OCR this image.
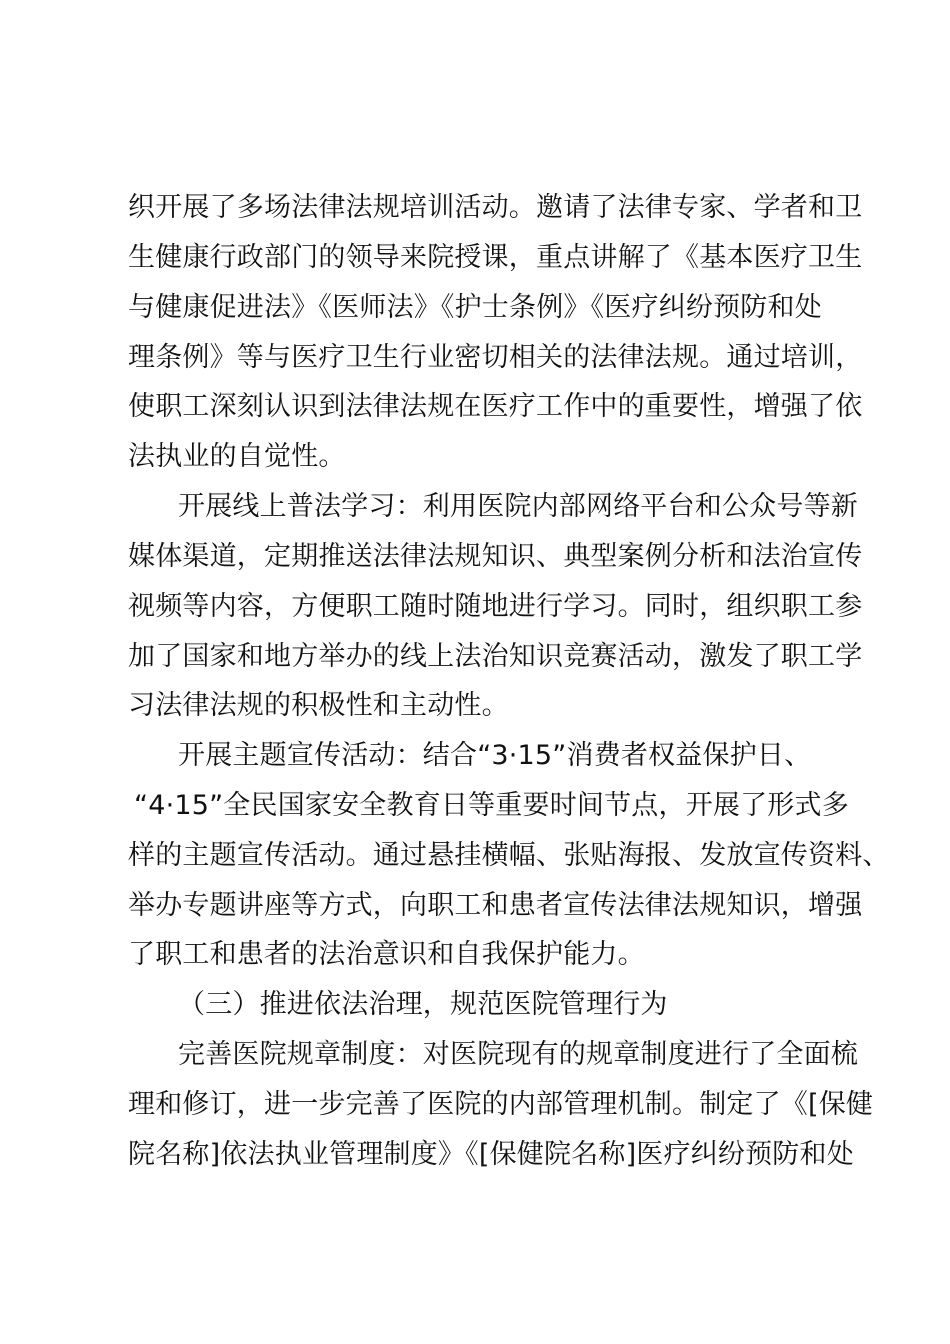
织开展了多场法律法规培训活动。邀请了法律专家、学者和卫
生健康行政部门的领导来院授课，重点讲解了《基本医疗卫生
与健康促进法》《医师法》《护士条例》《医疗纠纷预防和处
理条例》等与医疗卫生行业密切相关的法律法规。通过培训，
使职工深刻认识到法律法规在医疗工作中的重要性，增强了依
法执业的自觉性。
开展线上普法学习：利用医院内部网络平台和公众号等新
媒体渠道，定期推送法律法规知识、典型案例分析和法治宣传
视频等内容，方便职工随时随地进行学习。同时，组织职工参
加了国家和地方举办的线上法治知识竞赛活动，激发了职工学
习法律法规的积极性和主动性。
开展主题宣传活动：结合“3·15”消费者权益保护日、
“4·15”全民国家安全教育日等重要时间节点，开展了形式多
样的主题宣传活动。通过悬挂横幅、张贴海报、发放宣传资料、
举办专题讲座等方式，向职工和患者宣传法律法规知识，增强
了职工和患者的法治意识和自我保护能力。
（三）推进依法治理，规范医院管理行为
完善医院规章制度：对医院现有的规章制度进行了全面梳
理和修订，进一步完善了医院的内部管理机制。制定了《[保健
院名称]依法执业管理制度》《[保健院名称]医疗纠纷预防和处
